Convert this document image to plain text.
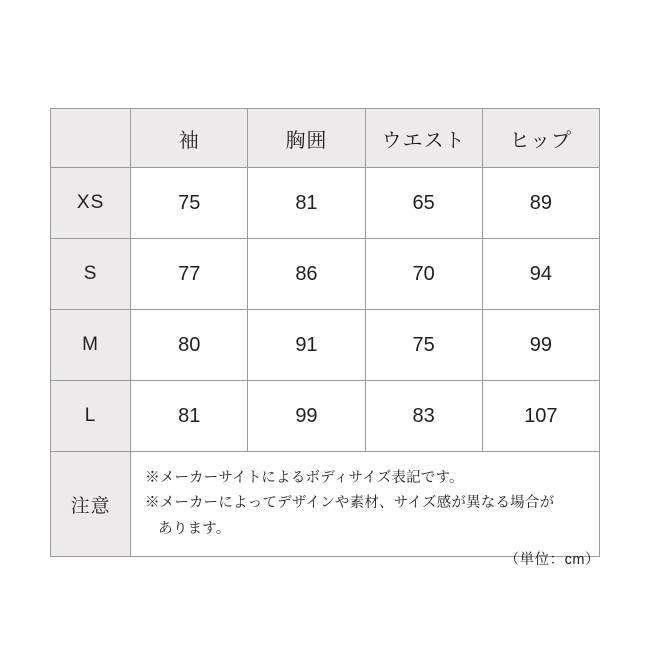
	袖	胸囲	ウエスト	ヒップ
XS	75	81	65	89
S	77	86	70	94
M	80	91	75	99
L	81	99	83	107
注意	※メーカーサイトによるボディサイズ表記です。
※メーカーによってデザインや素材、サイズ感が異なる場合が
あります。			
（単位：cm）
